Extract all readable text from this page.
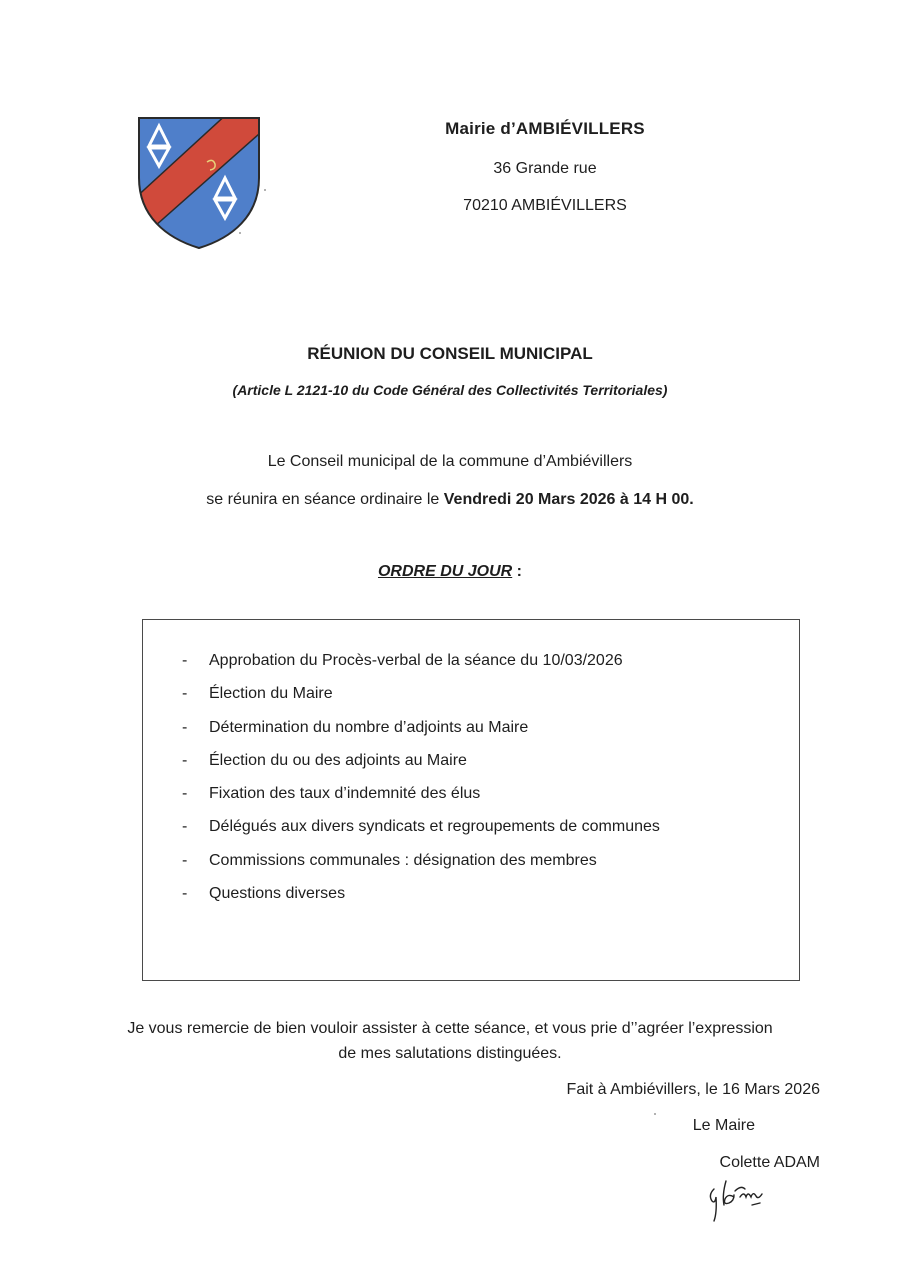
Mairie d’AMBIÉVILLERS
36 Grande rue
70210 AMBIÉVILLERS
RÉUNION DU CONSEIL MUNICIPAL
(Article L 2121-10 du Code Général des Collectivités Territoriales)
Le Conseil municipal de la commune d’Ambiévillers
se réunira en séance ordinaire le Vendredi 20 Mars 2026 à 14 H 00.
ORDRE DU JOUR :
- Approbation du Procès-verbal de la séance du 10/03/2026
- Élection du Maire
- Détermination du nombre d’adjoints au Maire
- Élection du ou des adjoints au Maire
- Fixation des taux d’indemnité des élus
- Délégués aux divers syndicats et regroupements de communes
- Commissions communales : désignation des membres
- Questions diverses
Je vous remercie de bien vouloir assister à cette séance, et vous prie d’’agréer l’expression
de mes salutations distinguées.
Fait à Ambiévillers, le 16 Mars 2026
Le Maire
Colette ADAM
